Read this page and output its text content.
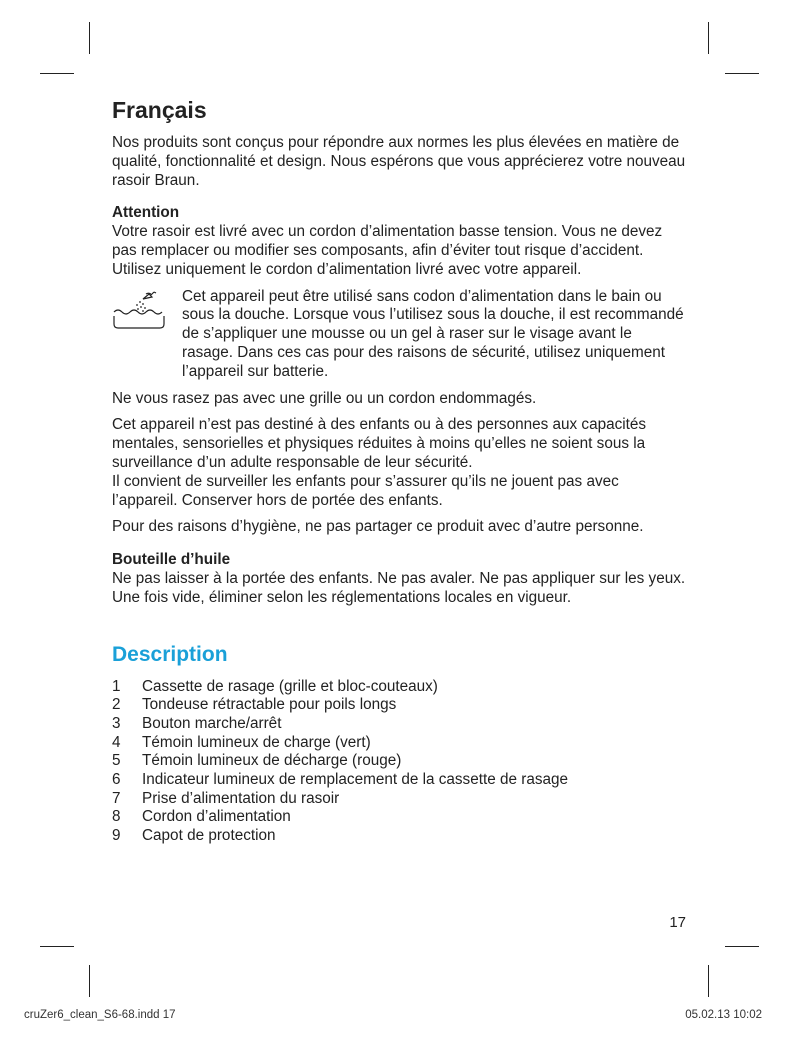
Français

Nos produits sont conçus pour répondre aux normes les plus élevées en matière de qualité, fonctionnalité et design. Nous espérons que vous apprécierez votre nouveau rasoir Braun.

Attention

Votre rasoir est livré avec un cordon d’alimentation basse tension. Vous ne devez pas remplacer ou modifier ses composants, afin d’éviter tout risque d’accident. Utilisez uniquement le cordon d’alimentation livré avec votre appareil.

Cet appareil peut être utilisé sans codon d’alimentation dans le bain ou sous la douche. Lorsque vous l’utilisez sous la douche, il est recommandé de s’appliquer une mousse ou un gel à raser sur le visage avant le rasage. Dans ces cas pour des raisons de sécurité, utilisez uniquement l’appareil sur batterie.

Ne vous rasez pas avec une grille ou un cordon endommagés.

Cet appareil n’est pas destiné à des enfants ou à des personnes aux capacités mentales, sensorielles et physiques réduites à moins qu’elles ne soient sous la surveillance d’un adulte responsable de leur sécurité.
Il convient de surveiller les enfants pour s’assurer qu’ils ne jouent pas avec l’appareil. Conserver hors de portée des enfants.

Pour des raisons d’hygiène, ne pas partager ce produit avec d’autre personne.

Bouteille d’huile

Ne pas laisser à la portée des enfants. Ne pas avaler. Ne pas appliquer sur les yeux. Une fois vide, éliminer selon les réglementations locales en vigueur.

Description
1	Cassette de rasage (grille et bloc-couteaux)
2	Tondeuse rétractable pour poils longs
3	Bouton marche/arrêt
4	Témoin lumineux de charge (vert)
5	Témoin lumineux de décharge (rouge)
6	Indicateur lumineux de remplacement de la cassette de rasage
7	Prise d’alimentation du rasoir
8	Cordon d’alimentation
9	Capot de protection
17
cruZer6_clean_S6-68.indd 17	05.02.13 10:02
